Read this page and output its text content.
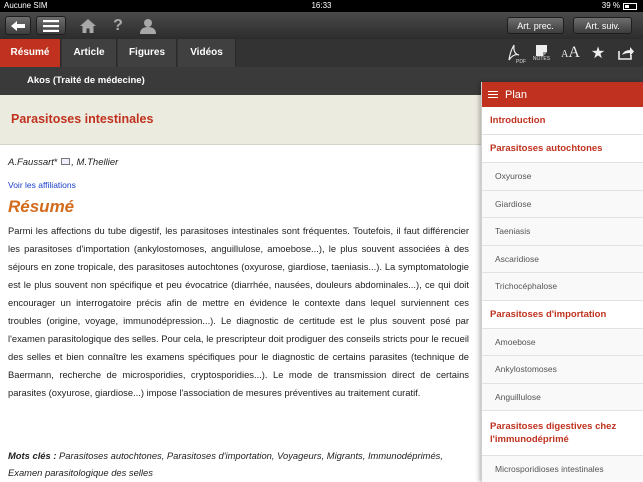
Aucune SIM	16:33	39 %
?	Art. prec.	Art. suiv.
Résumé	Article	Figures	Vidéos
PDF
NOTES AA ★
Akos (Traité de médecine)
Parasitoses intestinales
A.Faussart* , M.Thellier
Voir les affiliations
Résumé

Parmi les affections du tube digestif, les parasitoses intestinales sont fréquentes. Toutefois, il faut différencier les parasitoses d'importation (ankylostomoses, anguillulose, amoebose...), le plus souvent associées à des séjours en zone tropicale, des parasitoses autochtones (oxyurose, giardiose, taeniasis...). La symptomatologie est le plus souvent non spécifique et peu évocatrice (diarrhée, nausées, douleurs abdominales...), ce qui doit encourager un interrogatoire précis afin de mettre en évidence le contexte dans lequel surviennent ces troubles (origine, voyage, immunodépression...). Le diagnostic de certitude est le plus souvent posé par l'examen parasitologique des selles. Pour cela, le prescripteur doit prodiguer des conseils stricts pour le recueil des selles et bien connaître les examens spécifiques pour le diagnostic de certains parasites (technique de Baermann, recherche de microsporidies, cryptosporidies...). Le mode de transmission direct de certains parasites (oxyurose, giardiose...) impose l'association de mesures préventives au traitement curatif.

Mots clés : Parasitoses autochtones, Parasitoses d'importation, Voyageurs, Migrants, Immunodéprimés, Examen parasitologique des selles

Plan
Introduction
Parasitoses autochtones
Oxyurose
Giardiose
Taeniasis
Ascaridiose
Trichocéphalose
Parasitoses d'importation
Amoebose
Ankylostomoses
Anguillulose
Parasitoses digestives chez l'immunodéprimé
Microsporidioses intestinales
